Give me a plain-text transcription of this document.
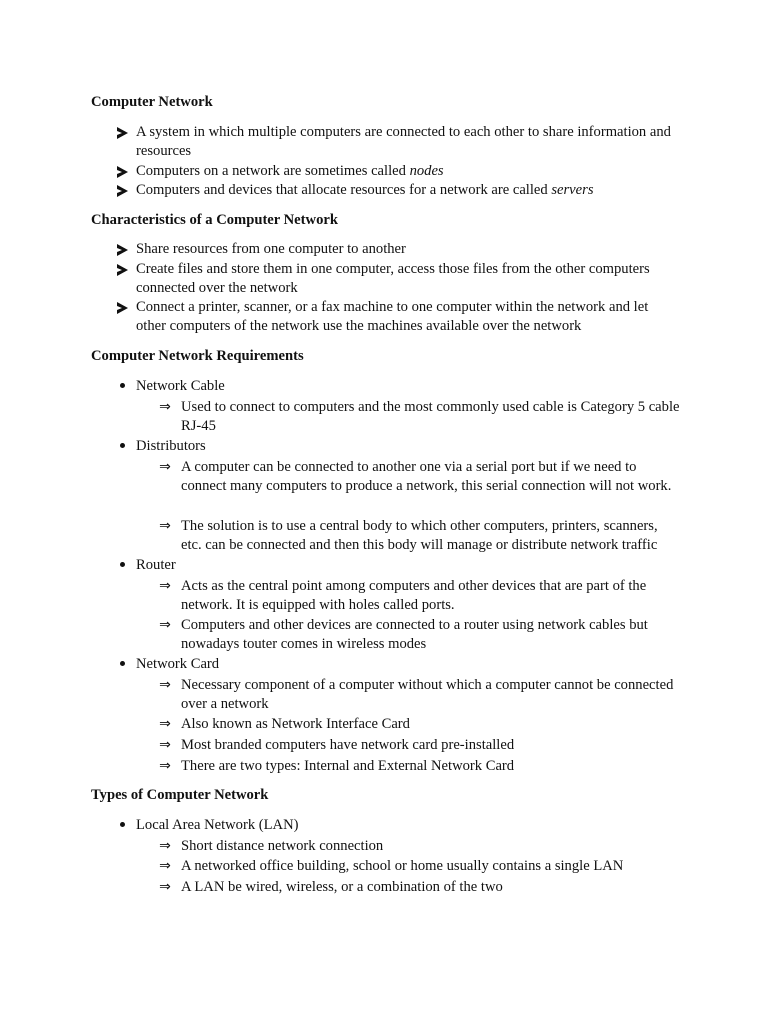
Computer Network
A system in which multiple computers are connected to each other to share information and resources
Computers on a network are sometimes called nodes
Computers and devices that allocate resources for a network are called servers
Characteristics of a Computer Network
Share resources from one computer to another
Create files and store them in one computer, access those files from the other computers connected over the network
Connect a printer, scanner, or a fax machine to one computer within the network and let other computers of the network use the machines available over the network
Computer Network Requirements
Network Cable
⇒ Used to connect to computers and the most commonly used cable is Category 5 cable RJ-45
Distributors
⇒ A computer can be connected to another one via a serial port but if we need to connect many computers to produce a network, this serial connection will not work.
⇒ The solution is to use a central body to which other computers, printers, scanners, etc. can be connected and then this body will manage or distribute network traffic
Router
⇒ Acts as the central point among computers and other devices that are part of the network. It is equipped with holes called ports.
⇒ Computers and other devices are connected to a router using network cables but nowadays touter comes in wireless modes
Network Card
⇒ Necessary component of a computer without which a computer cannot be connected over a network
⇒ Also known as Network Interface Card
⇒ Most branded computers have network card pre-installed
⇒ There are two types: Internal and External Network Card
Types of Computer Network
Local Area Network (LAN)
⇒ Short distance network connection
⇒ A networked office building, school or home usually contains a single LAN
⇒ A LAN be wired, wireless, or a combination of the two
